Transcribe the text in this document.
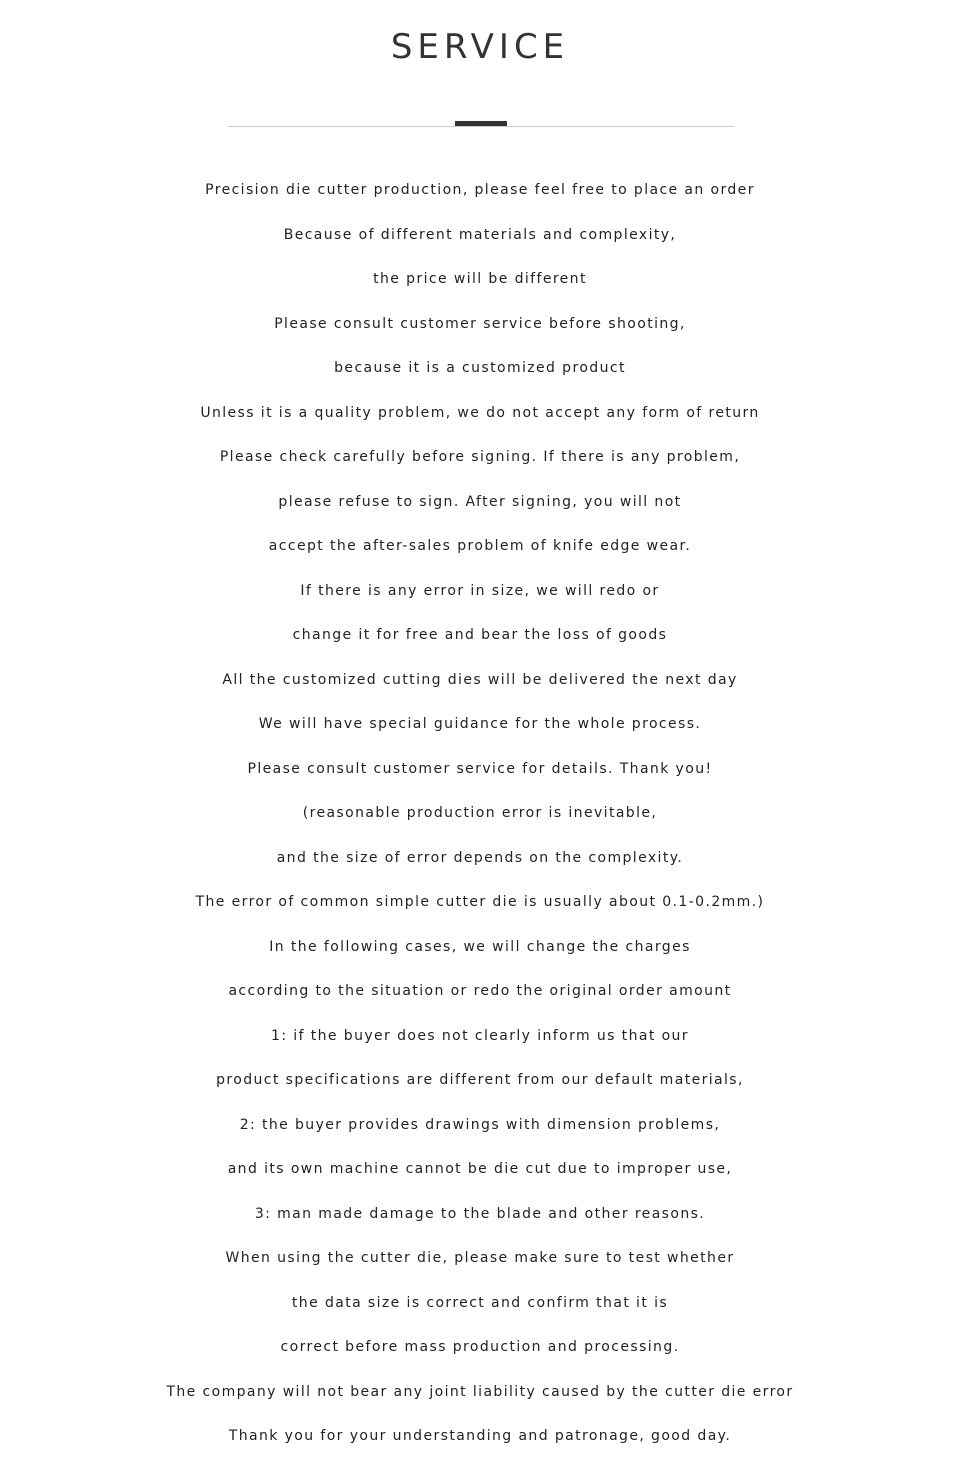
SERVICE
Precision die cutter production, please feel free to place an order
Because of different materials and complexity,
the price will be different
Please consult customer service before shooting,
because it is a customized product
Unless it is a quality problem, we do not accept any form of return
Please check carefully before signing. If there is any problem,
please refuse to sign. After signing, you will not
accept the after-sales problem of knife edge wear.
If there is any error in size, we will redo or
change it for free and bear the loss of goods
All the customized cutting dies will be delivered the next day
We will have special guidance for the whole process.
Please consult customer service for details. Thank you!
(reasonable production error is inevitable,
and the size of error depends on the complexity.
The error of common simple cutter die is usually about 0.1-0.2mm.)
In the following cases, we will change the charges
according to the situation or redo the original order amount
1: if the buyer does not clearly inform us that our
product specifications are different from our default materials,
2: the buyer provides drawings with dimension problems,
and its own machine cannot be die cut due to improper use,
3: man made damage to the blade and other reasons.
When using the cutter die, please make sure to test whether
the data size is correct and confirm that it is
correct before mass production and processing.
The company will not bear any joint liability caused by the cutter die error
Thank you for your understanding and patronage, good day.
